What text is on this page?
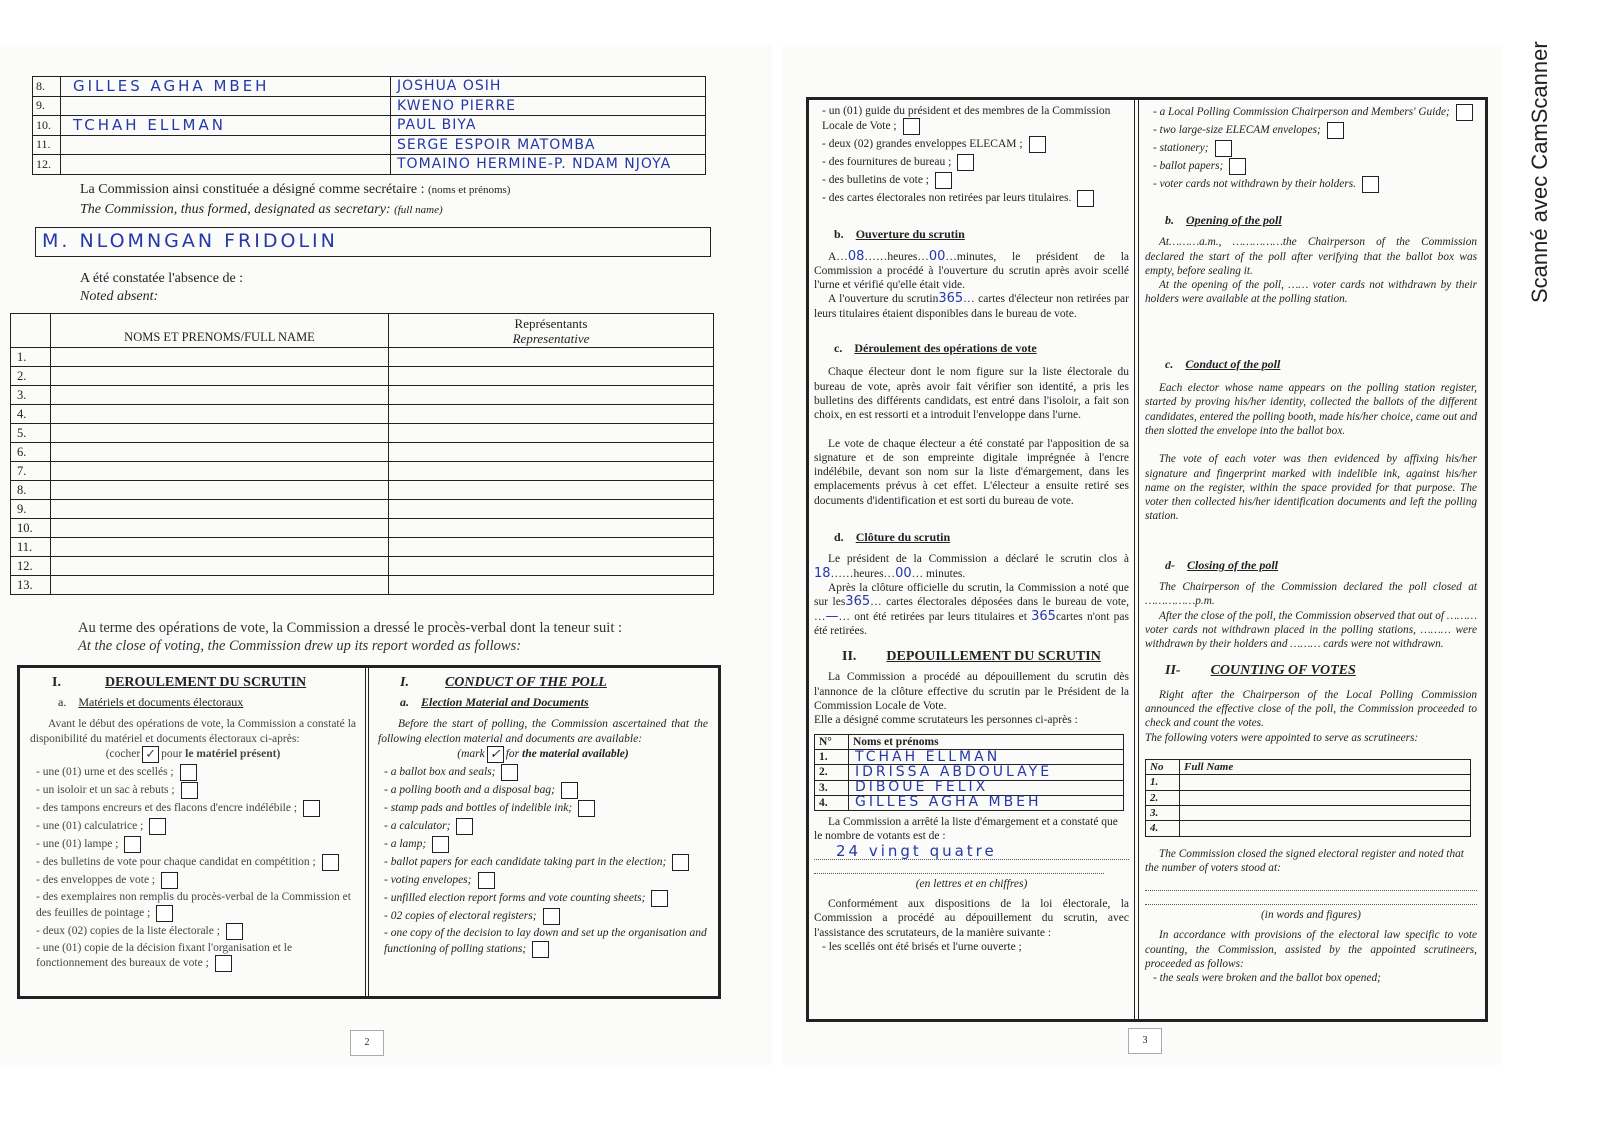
8.	GILLES AGHA MBEH	JOSHUA OSIH
9.		KWENO PIERRE
10.	TCHAH ELLMAN	PAUL BIYA
11.		SERGE ESPOIR MATOMBA
12.		TOMAINO HERMINE-P. NDAM NJOYA
La Commission ainsi constituée a désigné comme secrétaire : (noms et prénoms)
The Commission, thus formed, designated as secretary: (full name)
M. NLOMNGAN FRIDOLIN
A été constatée l'absence de :
Noted absent:
	NOMS ET PRENOMS/FULL NAME	Représentants
Representative

1.		
2.		
3.		
4.		
5.		
6.		
7.		
8.		
9.		
10.		
11.		
12.		
13.		
Au terme des opérations de vote, la Commission a dressé le procès-verbal dont la teneur suit :
At the close of voting, the Commission drew up its report worded as follows:
I.	DEROULEMENT DU SCRUTIN
a. Matériels et documents électoraux
Avant le début des opérations de vote, la Commission a constaté la disponibilité du matériel et documents électoraux ci-après:
(cocher ✓ pour le matériel présent)
- une (01) urne et des scellés ;
- un isoloir et un sac à rebuts ;
- des tampons encreurs et des flacons d'encre indélébile ;
- une (01) calculatrice ;
- une (01) lampe ;
- des bulletins de vote pour chaque candidat en compétition ;
- des enveloppes de vote ;
- des exemplaires non remplis du procès-verbal de la Commission et des feuilles de pointage ;
- deux (02) copies de la liste électorale ;
- une (01) copie de la décision fixant l'organisation et le fonctionnement des bureaux de vote ;
I.	CONDUCT OF THE POLL
a. Election Material and Documents
Before the start of polling, the Commission ascertained that the following election material and documents are available:
(mark ✓ for the material available)
- a ballot box and seals;
- a polling booth and a disposal bag;
- stamp pads and bottles of indelible ink;
- a calculator;
- a lamp;
- ballot papers for each candidate taking part in the election;
- voting envelopes;
- unfilled election report forms and vote counting sheets;
- 02 copies of electoral registers;
- one copy of the decision to lay down and set up the organisation and functioning of polling stations;
2
- un (01) guide du président et des membres de la Commission Locale de Vote ;
- deux (02) grandes enveloppes ELECAM ;
- des fournitures de bureau ;
- des bulletins de vote ;
- des cartes électorales non retirées par leurs titulaires.
b. Ouverture du scrutin
A…08……heures…00…minutes, le président de la Commission a procédé à l'ouverture du scrutin après avoir scellé l'urne et vérifié qu'elle était vide.
A l'ouverture du scrutin365… cartes d'électeur non retirées par leurs titulaires étaient disponibles dans le bureau de vote.
c. Déroulement des opérations de vote
Chaque électeur dont le nom figure sur la liste électorale du bureau de vote, après avoir fait vérifier son identité, a pris les bulletins des différents candidats, est entré dans l'isoloir, a fait son choix, en est ressorti et a introduit l'enveloppe dans l'urne.
Le vote de chaque électeur a été constaté par l'apposition de sa signature et de son empreinte digitale imprégnée à l'encre indélébile, devant son nom sur la liste d'émargement, dans les emplacements prévus à cet effet. L'électeur a ensuite retiré ses documents d'identification et est sorti du bureau de vote.
d. Clôture du scrutin
Le président de la Commission a déclaré le scrutin clos à 18……heures…00… minutes.
Après la clôture officielle du scrutin, la Commission a noté que sur les365… cartes électorales déposées dans le bureau de vote, …—… ont été retirées par leurs titulaires et 365cartes n'ont pas été retirées.
II. DEPOUILLEMENT DU SCRUTIN
La Commission a procédé au dépouillement du scrutin dès l'annonce de la clôture effective du scrutin par le Président de la Commission Locale de Vote.
Elle a désigné comme scrutateurs les personnes ci-après :
N°	Noms et prénoms
1.	TCHAH ELLMAN
2.	IDRISSA ABDOULAYE
3.	DIBOUE FELIX
4.	GILLES AGHA MBEH
La Commission a arrêté la liste d'émargement et a constaté que le nombre de votants est de :
24 vingt quatre
(en lettres et en chiffres)
Conformément aux dispositions de la loi électorale, la Commission a procédé au dépouillement du scrutin, avec l'assistance des scrutateurs, de la manière suivante :
- les scellés ont été brisés et l'urne ouverte ;
- a Local Polling Commission Chairperson and Members' Guide;
- two large-size ELECAM envelopes;
- stationery;
- ballot papers;
- voter cards not withdrawn by their holders.
b. Opening of the poll
At………a.m., ……………the Chairperson of the Commission declared the start of the poll after verifying that the ballot box was empty, before sealing it.
At the opening of the poll, …… voter cards not withdrawn by their holders were available at the polling station.
c. Conduct of the poll
Each elector whose name appears on the polling station register, started by proving his/her identity, collected the ballots of the different candidates, entered the polling booth, made his/her choice, came out and then slotted the envelope into the ballot box.
The vote of each voter was then evidenced by affixing his/her signature and fingerprint marked with indelible ink, against his/her name on the register, within the space provided for that purpose. The voter then collected his/her identification documents and left the polling station.
d- Closing of the poll
The Chairperson of the Commission declared the poll closed at ……………p.m.
After the close of the poll, the Commission observed that out of ……… voter cards not withdrawn placed in the polling stations, ……… were withdrawn by their holders and ……… cards were not withdrawn.
II- COUNTING OF VOTES
Right after the Chairperson of the Local Polling Commission announced the effective close of the poll, the Commission proceeded to check and count the votes.
The following voters were appointed to serve as scrutineers:
No	Full Name
1.	
2.	
3.	
4.	
The Commission closed the signed electoral register and noted that the number of voters stood at:
(in words and figures)
In accordance with provisions of the electoral law specific to vote counting, the Commission, assisted by the appointed scrutineers, proceeded as follows:
- the seals were broken and the ballot box opened;
3
Scanné avec CamScanner
